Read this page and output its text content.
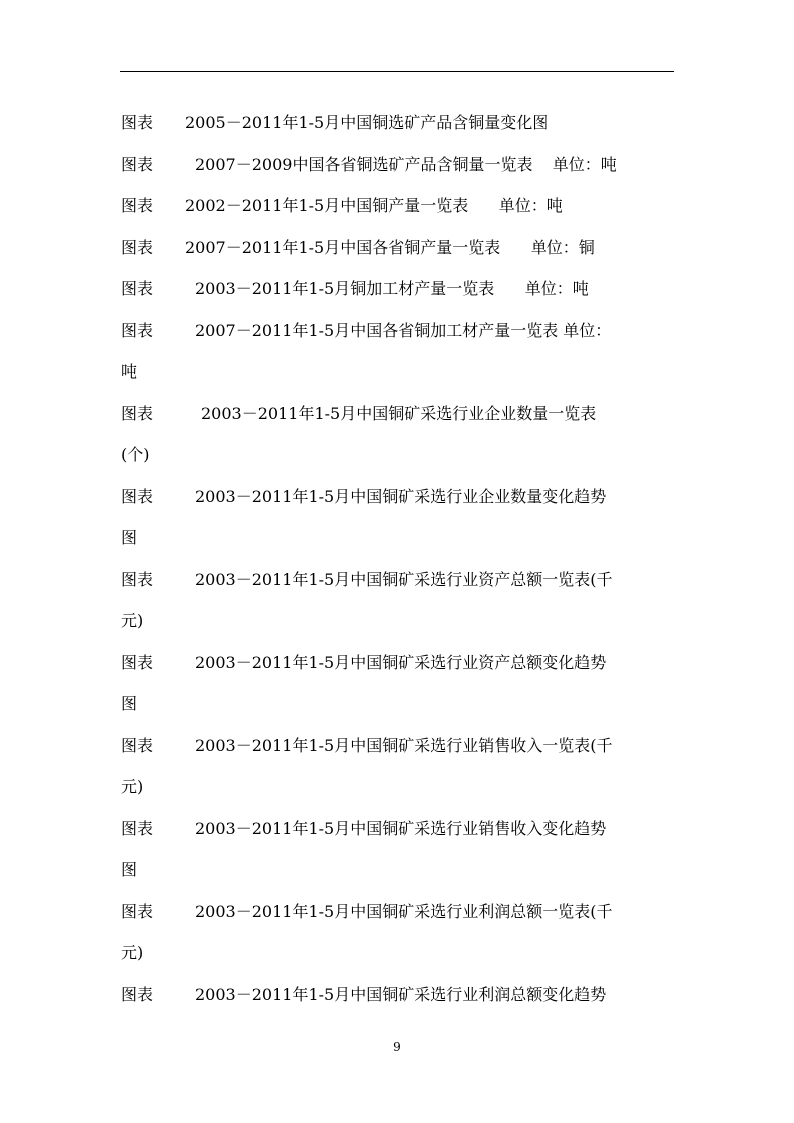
图表 2005－2011年1-5月中国铜选矿产品含铜量变化图
图表	2007－2009中国各省铜选矿产品含铜量一览表 单位：吨
图表 2002－2011年1-5月中国铜产量一览表 单位：吨
图表 2007－2011年1-5月中国各省铜产量一览表 单位：铜
图表	2003－2011年1-5月铜加工材产量一览表 单位：吨
图表	2007－2011年1-5月中国各省铜加工材产量一览表 单位：
吨
图表	2003－2011年1-5月中国铜矿采选行业企业数量一览表
(个)
图表	2003－2011年1-5月中国铜矿采选行业企业数量变化趋势
图
图表	2003－2011年1-5月中国铜矿采选行业资产总额一览表(千
元)
图表	2003－2011年1-5月中国铜矿采选行业资产总额变化趋势
图
图表	2003－2011年1-5月中国铜矿采选行业销售收入一览表(千
元)
图表	2003－2011年1-5月中国铜矿采选行业销售收入变化趋势
图
图表	2003－2011年1-5月中国铜矿采选行业利润总额一览表(千
元)
图表	2003－2011年1-5月中国铜矿采选行业利润总额变化趋势
9
